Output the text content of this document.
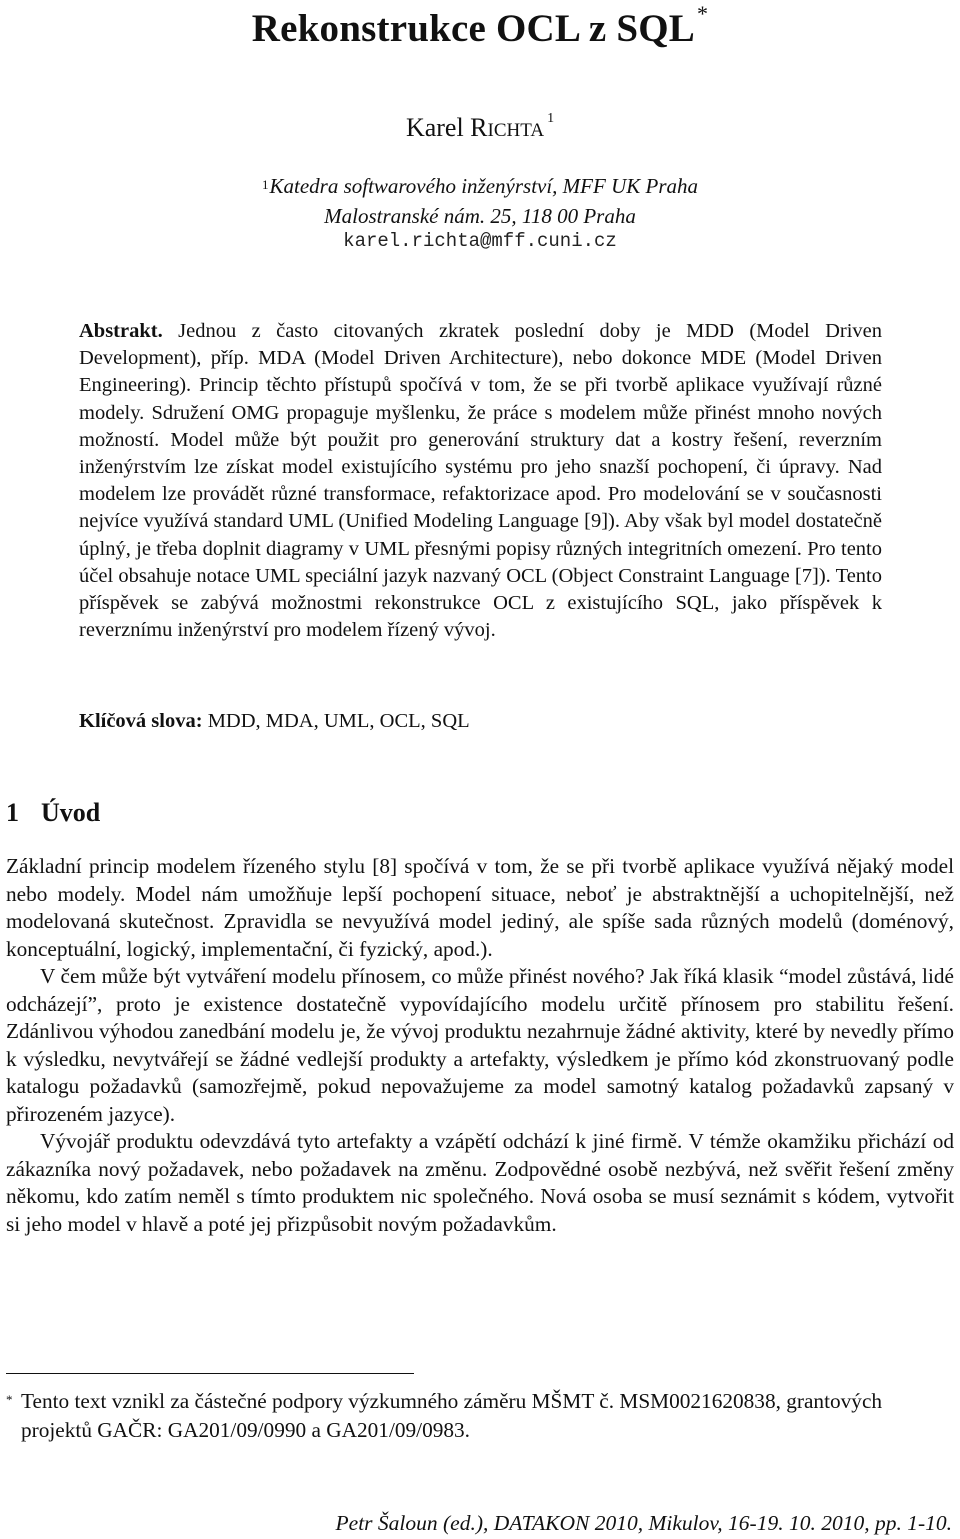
Rekonstrukce OCL z SQL*
Karel RICHTA$^1$
$^1$Katedra softwarového inženýrství, MFF UK Praha
Malostranské nám. 25, 118 00 Praha
karel.richta@mff.cuni.cz
Abstrakt. Jednou z často citovaných zkratek poslední doby je MDD (Model Driven Development), příp. MDA (Model Driven Architecture), nebo dokonce MDE (Model Driven Engineering). Princip těchto přístupů spočívá v tom, že se při tvorbě aplikace využívají různé modely. Sdružení OMG propaguje myšlenku, že práce s modelem může přinést mnoho nových možností. Model může být použit pro generování struktury dat a kostry řešení, reverzním inženýrstvím lze získat model existujícího systému pro jeho snazší pochopení, či úpravy. Nad modelem lze provádět různé transformace, refaktorizace apod. Pro modelování se v současnosti nejvíce využívá standard UML (Unified Modeling Language [9]). Aby však byl model dostatečně úplný, je třeba doplnit diagramy v UML přesnými popisy různých integritních omezení. Pro tento účel obsahuje notace UML speciální jazyk nazvaný OCL (Object Constraint Language [7]). Tento příspěvek se zabývá možnostmi rekonstrukce OCL z existujícího SQL, jako příspěvek k reverznímu inženýrství pro modelem řízený vývoj.
Klíčová slova: MDD, MDA, UML, OCL, SQL
1 Úvod

Základní princip modelem řízeného stylu [8] spočívá v tom, že se při tvorbě aplikace využívá nějaký model nebo modely. Model nám umožňuje lepší pochopení situace, neboť je abstraktnější a uchopitelnější, než modelovaná skutečnost. Zpravidla se nevyužívá model jediný, ale spíše sada různých modelů (doménový, konceptuální, logický, implementační, či fyzický, apod.).

V čem může být vytváření modelu přínosem, co může přinést nového? Jak říká klasik “model zůstává, lidé odcházejí”, proto je existence dostatečně vypovídajícího modelu určitě přínosem pro stabilitu řešení. Zdánlivou výhodou zanedbání modelu je, že vývoj produktu nezahrnuje žádné aktivity, které by nevedly přímo k výsledku, nevytvářejí se žádné vedlejší produkty a artefakty, výsledkem je přímo kód zkonstruovaný podle katalogu požadavků (samozřejmě, pokud nepovažujeme za model samotný katalog požadavků zapsaný v přirozeném jazyce).

Vývojář produktu odevzdává tyto artefakty a vzápětí odchází k jiné firmě. V témže okamžiku přichází od zákazníka nový požadavek, nebo požadavek na změnu. Zodpovědné osobě nezbývá, než svěřit řešení změny někomu, kdo zatím neměl s tímto produktem nic společného. Nová osoba se musí seznámit s kódem, vytvořit si jeho model v hlavě a poté jej přizpůsobit novým požadavkům.

* Tento text vznikl za částečné podpory výzkumného záměru MŠMT č. MSM0021620838, grantových projektů GAČR: GA201/09/0990 a GA201/09/0983.
Petr Šaloun (ed.), DATAKON 2010, Mikulov, 16-19. 10. 2010, pp. 1-10.
